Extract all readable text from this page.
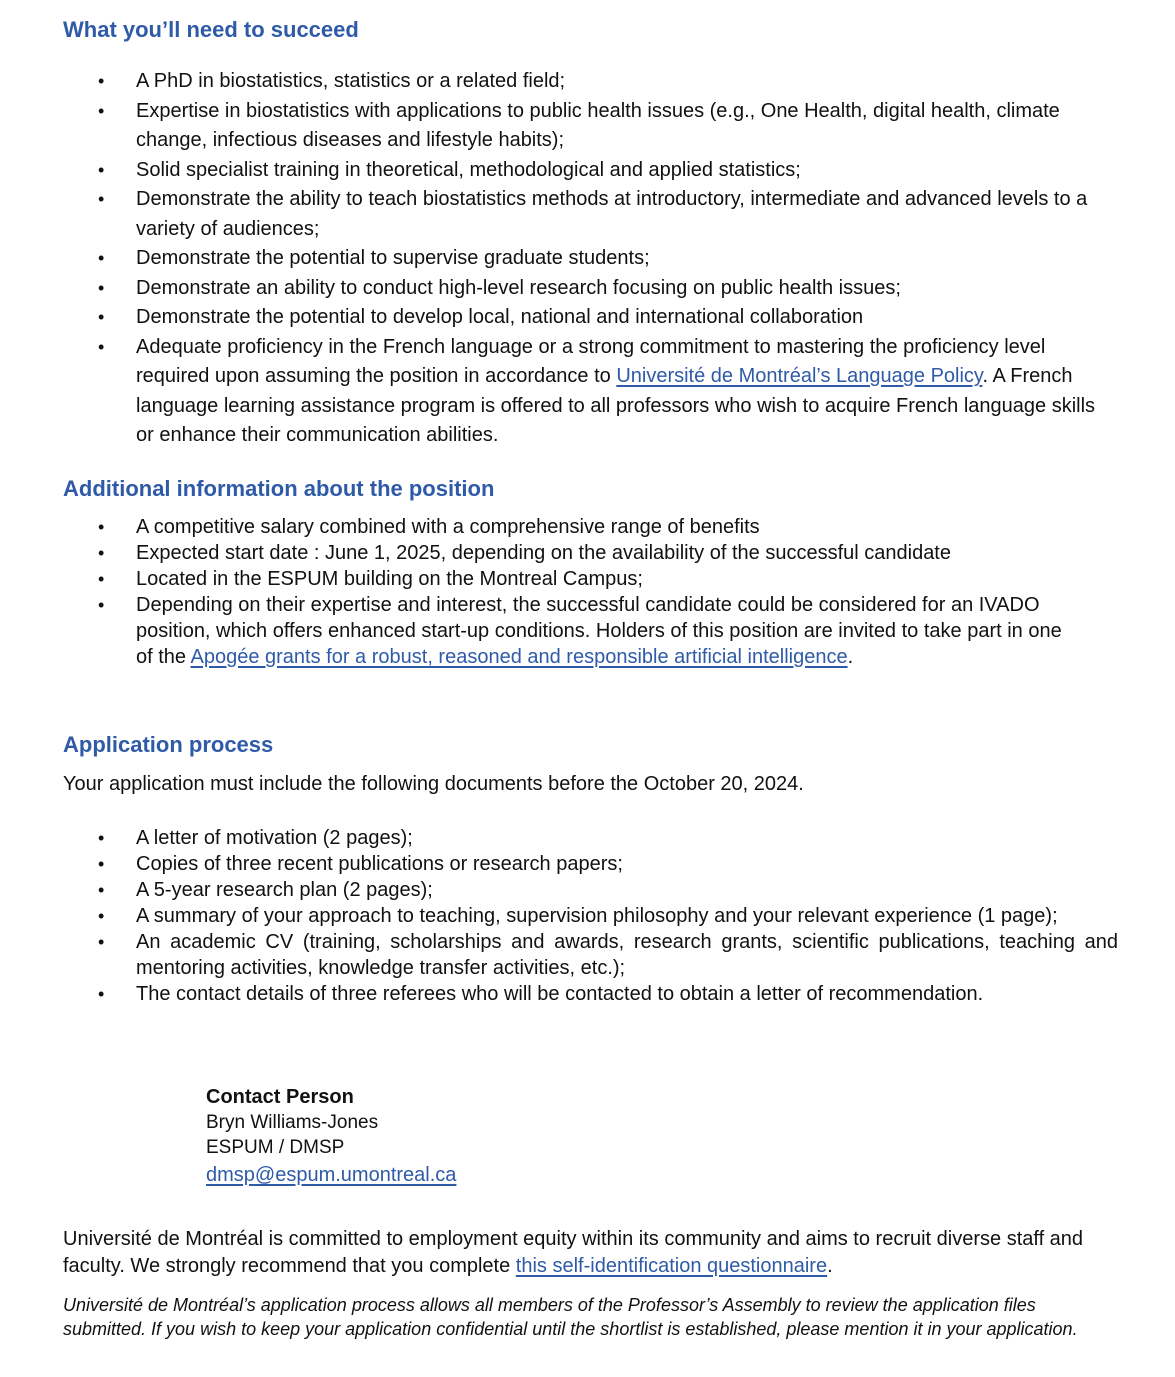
What you’ll need to succeed
• A PhD in biostatistics, statistics or a related field;
• Expertise in biostatistics with applications to public health issues (e.g., One Health, digital health, climate change, infectious diseases and lifestyle habits);
• Solid specialist training in theoretical, methodological and applied statistics;
• Demonstrate the ability to teach biostatistics methods at introductory, intermediate and advanced levels to a variety of audiences;
• Demonstrate the potential to supervise graduate students;
• Demonstrate an ability to conduct high-level research focusing on public health issues;
• Demonstrate the potential to develop local, national and international collaboration
• Adequate proficiency in the French language or a strong commitment to mastering the proficiency level required upon assuming the position in accordance to Université de Montréal’s Language Policy. A French language learning assistance program is offered to all professors who wish to acquire French language skills or enhance their communication abilities.
Additional information about the position
• A competitive salary combined with a comprehensive range of benefits
• Expected start date : June 1, 2025, depending on the availability of the successful candidate
• Located in the ESPUM building on the Montreal Campus;
• Depending on their expertise and interest, the successful candidate could be considered for an IVADO position, which offers enhanced start-up conditions. Holders of this position are invited to take part in one of the Apogée grants for a robust, reasoned and responsible artificial intelligence.
Application process

Your application must include the following documents before the October 20, 2024.

• A letter of motivation (2 pages);
• Copies of three recent publications or research papers;
• A 5-year research plan (2 pages);
• A summary of your approach to teaching, supervision philosophy and your relevant experience (1 page);
• An academic CV (training, scholarships and awards, research grants, scientific publications, teaching and mentoring activities, knowledge transfer activities, etc.);
• The contact details of three referees who will be contacted to obtain a letter of recommendation.
Contact Person
Bryn Williams-Jones
ESPUM / DMSP
dmsp@espum.umontreal.ca

Université de Montréal is committed to employment equity within its community and aims to recruit diverse staff and faculty. We strongly recommend that you complete this self-identification questionnaire.

Université de Montréal’s application process allows all members of the Professor’s Assembly to review the application files submitted. If you wish to keep your application confidential until the shortlist is established, please mention it in your application.
